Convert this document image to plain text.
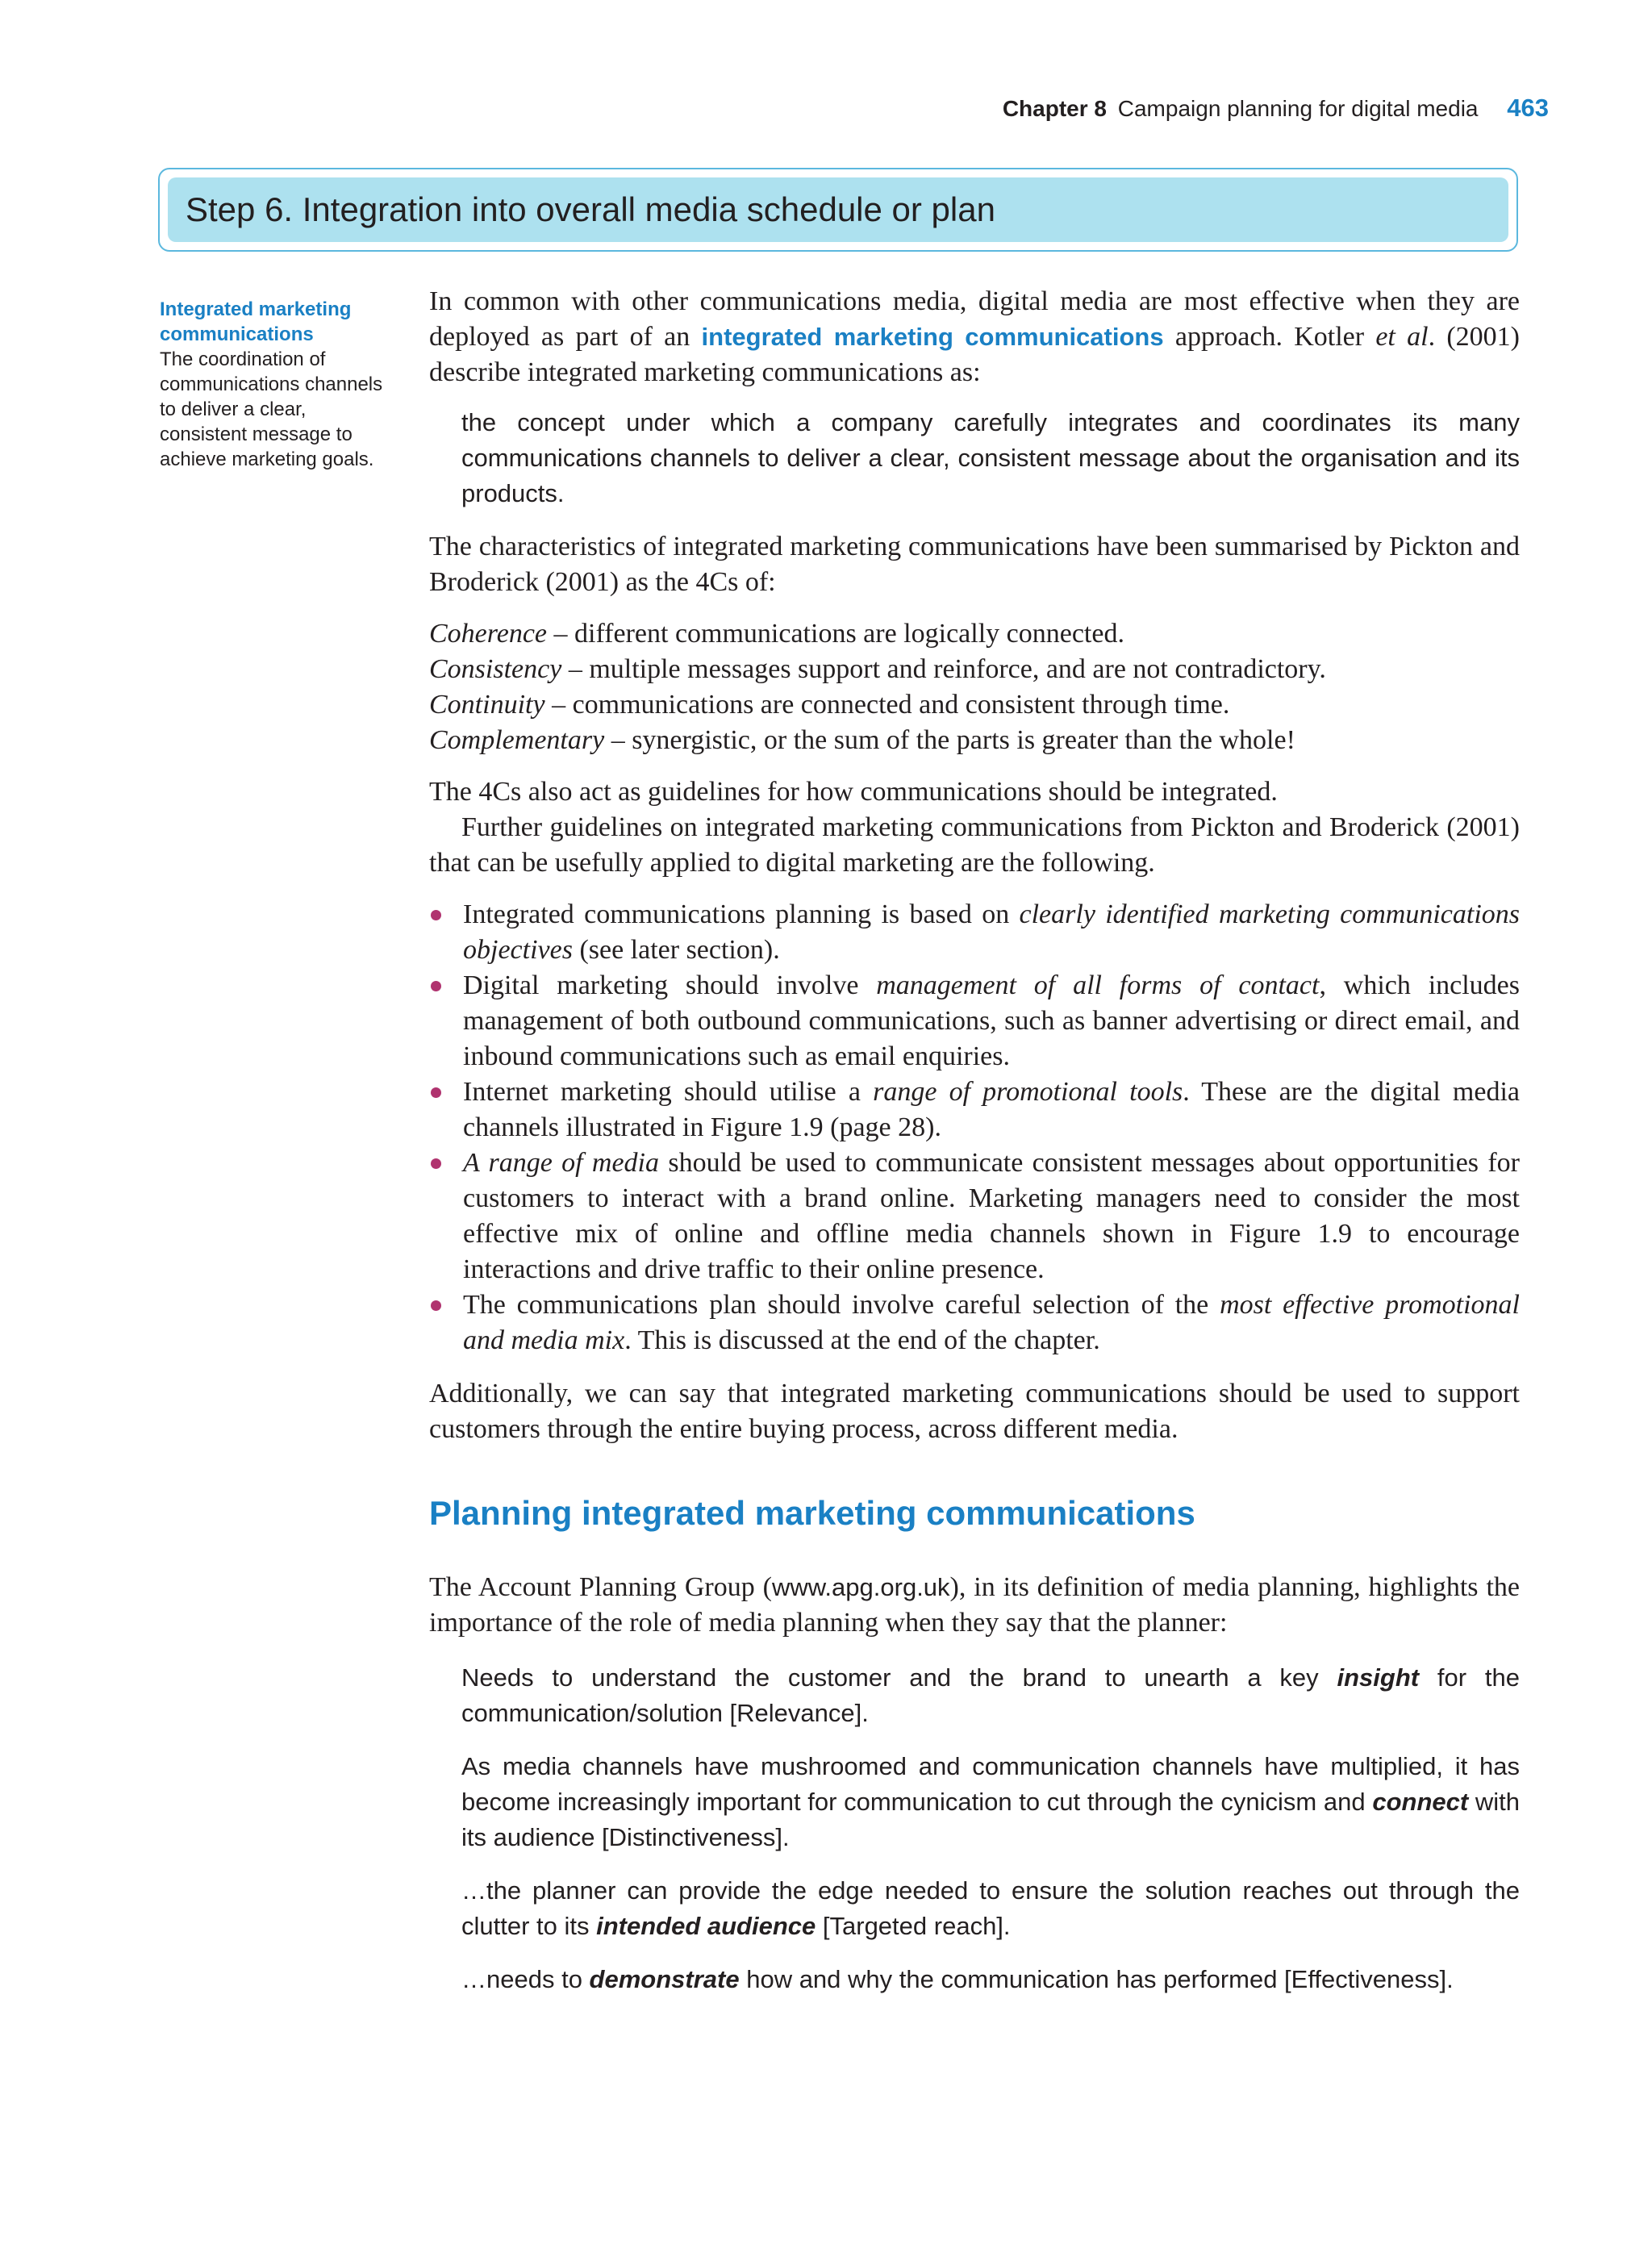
Chapter 8 Campaign planning for digital media 463
Step 6. Integration into overall media schedule or plan
Integrated marketing communications
The coordination of communications channels to deliver a clear, consistent message to achieve marketing goals.

In common with other communications media, digital media are most effective when they are deployed as part of an integrated marketing communications approach. Kotler et al. (2001) describe integrated marketing communications as:

the concept under which a company carefully integrates and coordinates its many communications channels to deliver a clear, consistent message about the organisation and its products.

The characteristics of integrated marketing communications have been summarised by Pickton and Broderick (2001) as the 4Cs of:

Coherence – different communications are logically connected.
Consistency – multiple messages support and reinforce, and are not contradictory.
Continuity – communications are connected and consistent through time.
Complementary – synergistic, or the sum of the parts is greater than the whole!

The 4Cs also act as guidelines for how communications should be integrated.

Further guidelines on integrated marketing communications from Pickton and Broderick (2001) that can be usefully applied to digital marketing are the following.

Integrated communications planning is based on clearly identified marketing communications objectives (see later section).
Digital marketing should involve management of all forms of contact, which includes management of both outbound communications, such as banner advertising or direct email, and inbound communications such as email enquiries.
Internet marketing should utilise a range of promotional tools. These are the digital media channels illustrated in Figure 1.9 (page 28).
A range of media should be used to communicate consistent messages about opportunities for customers to interact with a brand online. Marketing managers need to consider the most effective mix of online and offline media channels shown in Figure 1.9 to encourage interactions and drive traffic to their online presence.
The communications plan should involve careful selection of the most effective promotional and media mix. This is discussed at the end of the chapter.

Additionally, we can say that integrated marketing communications should be used to support customers through the entire buying process, across different media.

Planning integrated marketing communications

The Account Planning Group (www.apg.org.uk), in its definition of media planning, highlights the importance of the role of media planning when they say that the planner:

Needs to understand the customer and the brand to unearth a key insight for the communication/solution [Relevance].
As media channels have mushroomed and communication channels have multiplied, it has become increasingly important for communication to cut through the cynicism and connect with its audience [Distinctiveness].
…the planner can provide the edge needed to ensure the solution reaches out through the clutter to its intended audience [Targeted reach].
…needs to demonstrate how and why the communication has performed [Effectiveness].
